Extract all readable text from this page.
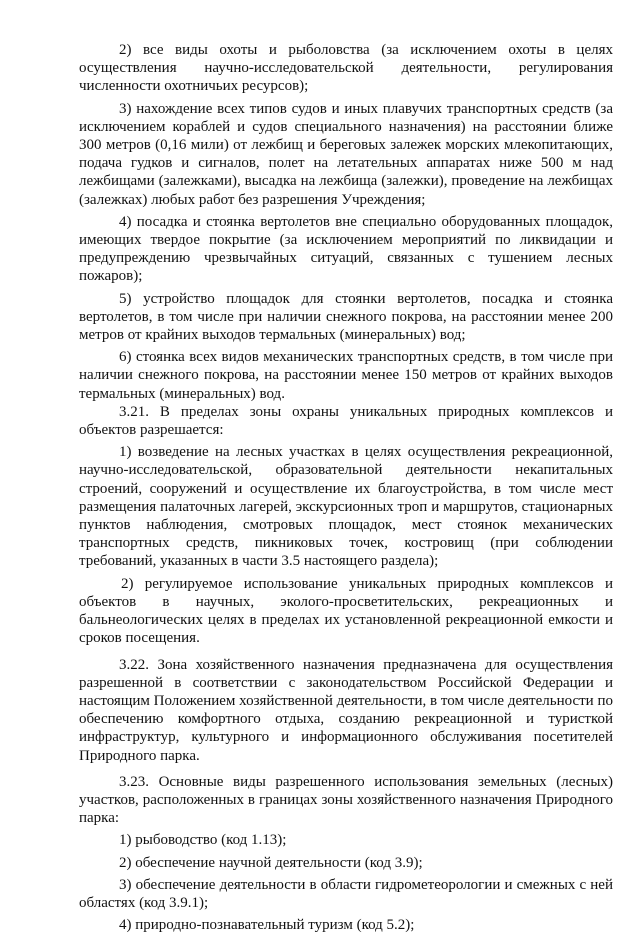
2) все виды охоты и рыболовства (за исключением охоты в целях осуществления научно-исследовательской деятельности, регулирования численности охотничьих ресурсов);

3) нахождение всех типов судов и иных плавучих транспортных средств (за исключением кораблей и судов специального назначения) на расстоянии ближе 300 метров (0,16 мили) от лежбищ и береговых залежек морских млекопитающих, подача гудков и сигналов, полет на летательных аппаратах ниже 500 м над лежбищами (залежками), высадка на лежбища (залежки), проведение на лежбищах (залежках) любых работ без разрешения Учреждения;

4) посадка и стоянка вертолетов вне специально оборудованных площадок, имеющих твердое покрытие (за исключением мероприятий по ликвидации и предупреждению чрезвычайных ситуаций, связанных с тушением лесных пожаров);

5) устройство площадок для стоянки вертолетов, посадка и стоянка вертолетов, в том числе при наличии снежного покрова, на расстоянии менее 200 метров от крайних выходов термальных (минеральных) вод;

6) стоянка всех видов механических транспортных средств, в том числе при наличии снежного покрова, на расстоянии менее 150 метров от крайних выходов термальных (минеральных) вод.

3.21. В пределах зоны охраны уникальных природных комплексов и объектов разрешается:

1) возведение на лесных участках в целях осуществления рекреационной, научно-исследовательской, образовательной деятельности некапитальных строений, сооружений и осуществление их благоустройства, в том числе мест размещения палаточных лагерей, экскурсионных троп и маршрутов, стационарных пунктов наблюдения, смотровых площадок, мест стоянок механических транспортных средств, пикниковых точек, костровищ (при соблюдении требований, указанных в части 3.5 настоящего раздела);

2) регулируемое использование уникальных природных комплексов и объектов в научных, эколого-просветительских, рекреационных и бальнеологических целях в пределах их установленной рекреационной емкости и сроков посещения.

3.22. Зона хозяйственного назначения предназначена для осуществления разрешенной в соответствии с законодательством Российской Федерации и настоящим Положением хозяйственной деятельности, в том числе деятельности по обеспечению комфортного отдыха, созданию рекреационной и туристкой инфраструктур, культурного и информационного обслуживания посетителей Природного парка.

3.23. Основные виды разрешенного использования земельных (лесных) участков, расположенных в границах зоны хозяйственного назначения Природного парка:

1) рыбоводство (код 1.13);

2) обеспечение научной деятельности (код 3.9);

3) обеспечение деятельности в области гидрометеорологии и смежных с ней областях (код 3.9.1);

4) природно-познавательный туризм (код 5.2);
